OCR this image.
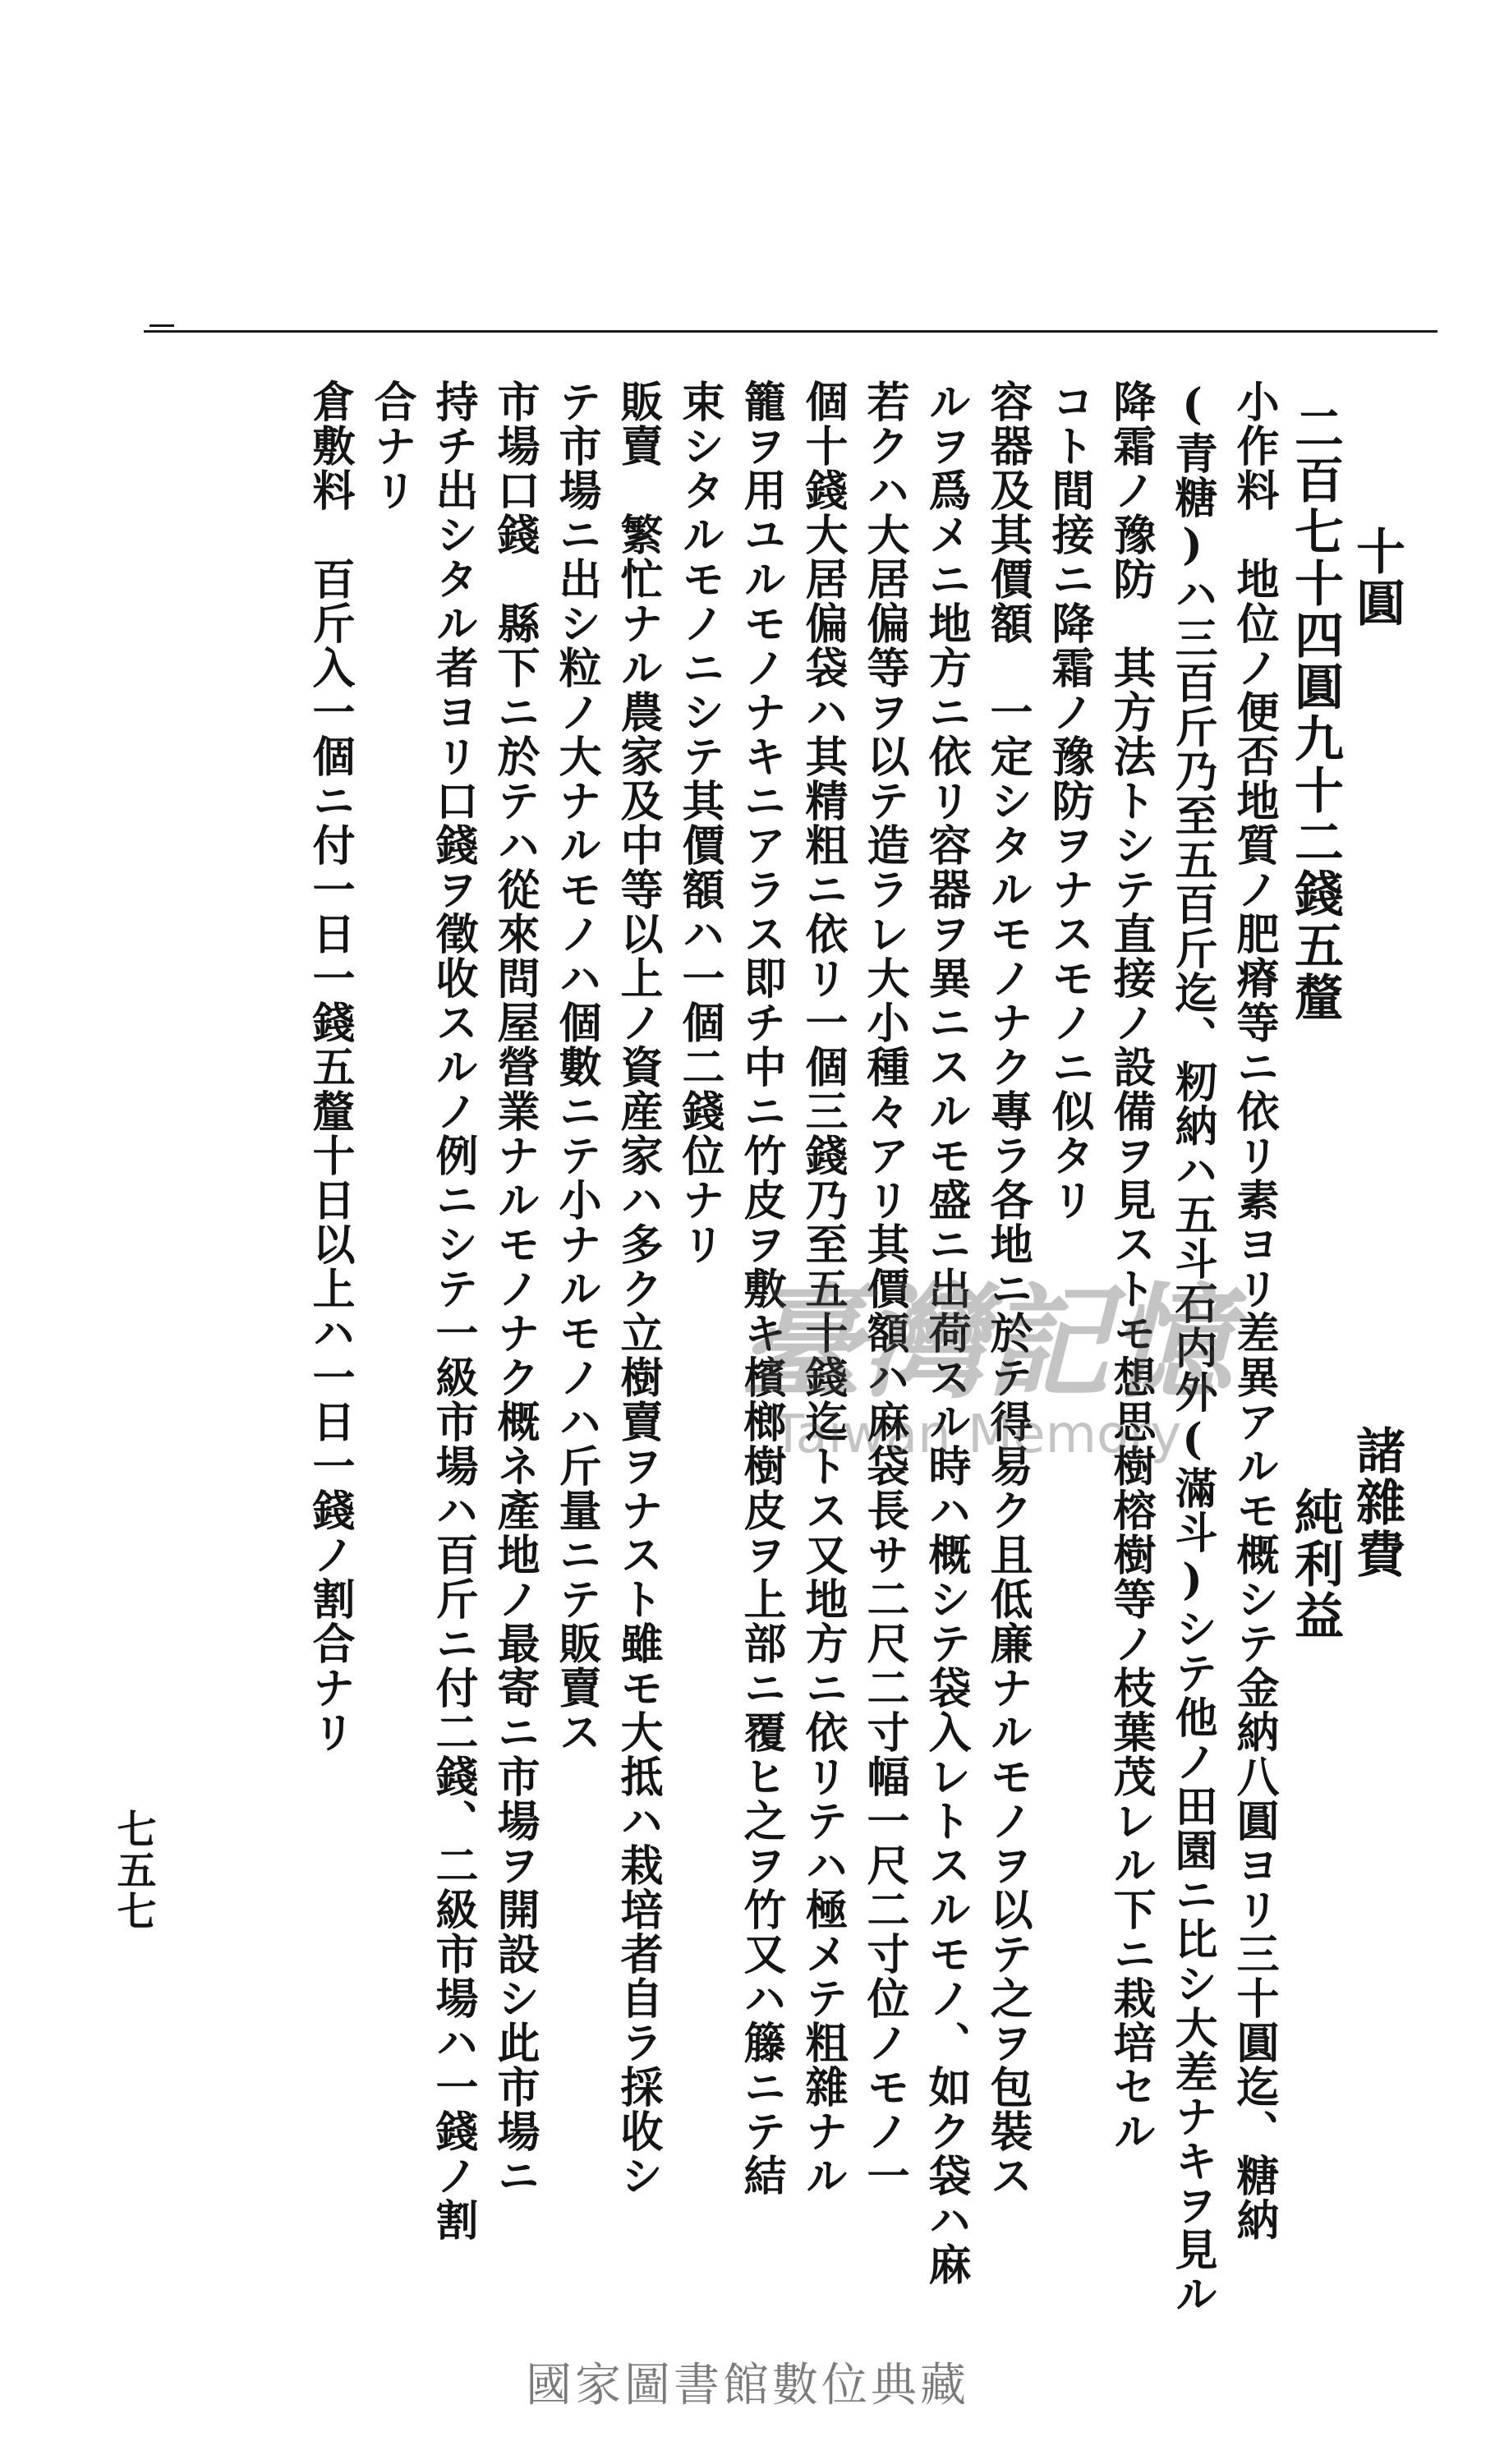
諸雜費
純利益
十圓
二百七十四圓九十二錢五釐
小作料　地位ノ便否地質ノ肥瘠等ニ依リ素ヨリ差異アルモ概シテ金納八圓ヨリ三十圓迄、糖納
(青糖)ハ三百斤乃至五百斤迄、籾納ハ五斗石内外(滿斗)シテ他ノ田園ニ比シ大差ナキヲ見ル
降霜ノ豫防　其方法トシテ直接ノ設備ヲ見ストモ想思樹榕樹等ノ枝葉茂レル下ニ栽培セル
コト間接ニ降霜ノ豫防ヲナスモノニ似タリ
容器及其價額　一定シタルモノナク專ラ各地ニ於テ得易ク且低廉ナルモノヲ以テ之ヲ包裝ス
ルヲ爲メニ地方ニ依リ容器ヲ異ニスルモ盛ニ出荷スル時ハ概シテ袋入レトスルモノ、如ク袋ハ麻
若クハ大居偏等ヲ以テ造ラレ大小種々アリ其價額ハ麻袋長サ二尺二寸幅一尺二寸位ノモノ一
個十錢大居偏袋ハ其精粗ニ依リ一個三錢乃至五十錢迄トス又地方ニ依リテハ極メテ粗雜ナル
籠ヲ用ユルモノナキニアラス即チ中ニ竹皮ヲ敷キ檳榔樹皮ヲ上部ニ覆ヒ之ヲ竹又ハ籐ニテ結
束シタルモノニシテ其價額ハ一個二錢位ナリ
販賣　繁忙ナル農家及中等以上ノ資産家ハ多ク立樹賣ヲナスト雖モ大抵ハ栽培者自ラ採收シ
テ市場ニ出シ粒ノ大ナルモノハ個數ニテ小ナルモノハ斤量ニテ販賣ス
市場口錢　縣下ニ於テハ從來問屋營業ナルモノナク概ネ產地ノ最寄ニ市場ヲ開設シ此市場ニ
持チ出シタル者ヨリ口錢ヲ徵收スルノ例ニシテ一級市場ハ百斤ニ付二錢、二級市場ハ一錢ノ割
合ナリ
倉敷料　百斤入一個ニ付一日一錢五釐十日以上ハ一日一錢ノ割合ナリ
七五七
臺灣記憶
Taiwan Memory
國家圖書館數位典藏
